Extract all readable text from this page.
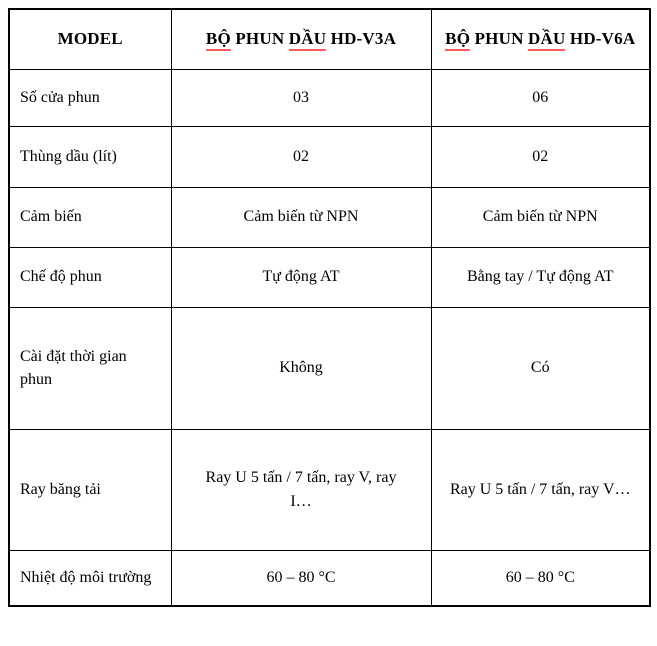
MODEL	BỘ PHUN DẦU HD-V3A	BỘ PHUN DẦU HD-V6A
Số cửa phun	03	06
Thùng dầu (lít)	02	02
Cảm biến	Cảm biến từ NPN	Cảm biến từ NPN
Chế độ phun	Tự động AT	Bằng tay / Tự động AT
Cài đặt thời gian phun	Không	Có
Ray băng tải	Ray U 5 tấn / 7 tấn, ray V, ray I…	Ray U 5 tấn / 7 tấn, ray V…
Nhiệt độ môi trường	60 – 80 °C	60 – 80 °C
